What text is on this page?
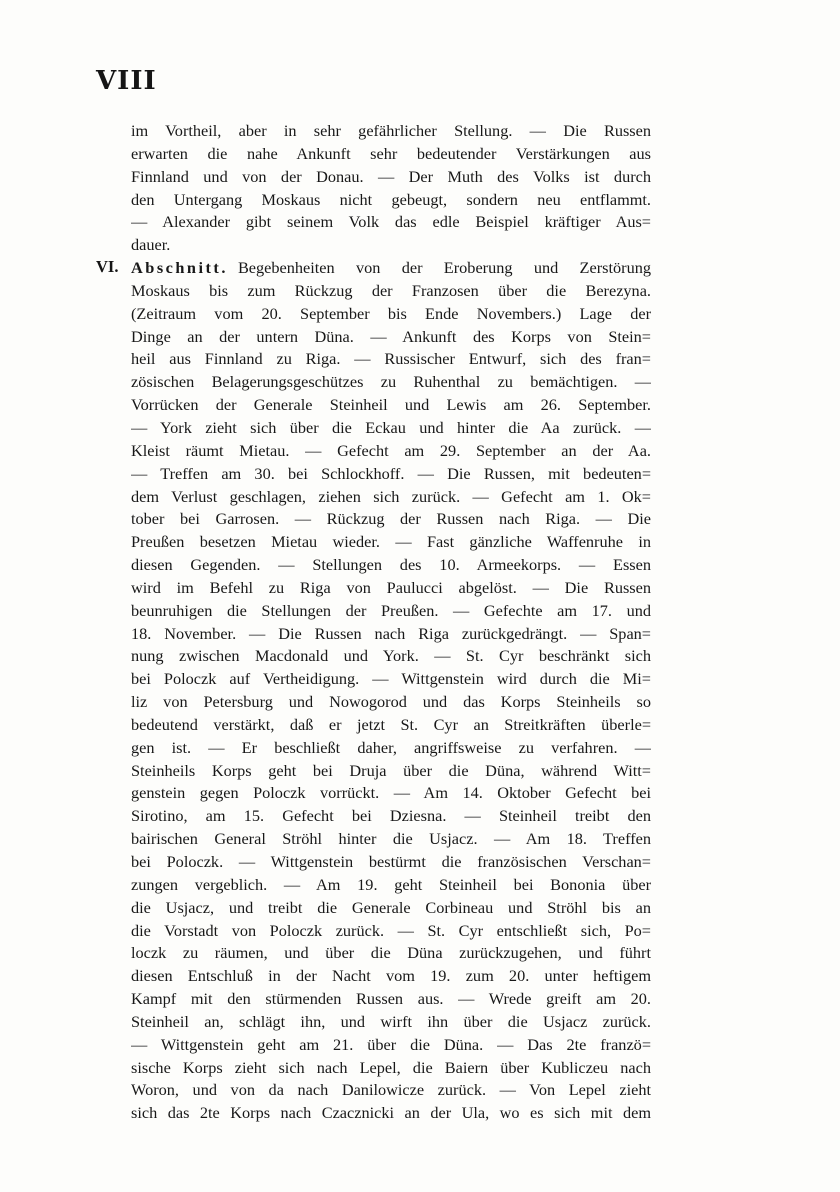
VIII
VI.
im Vortheil, aber in sehr gefährlicher Stellung. — Die Russen
erwarten die nahe Ankunft sehr bedeutender Verstärkungen aus
Finnland und von der Donau. — Der Muth des Volks ist durch
den Untergang Moskaus nicht gebeugt, sondern neu entflammt.
— Alexander gibt seinem Volk das edle Beispiel kräftiger Aus=
dauer.
Abschnitt. Begebenheiten von der Eroberung und Zerstörung
Moskaus bis zum Rückzug der Franzosen über die Berezyna.
(Zeitraum vom 20. September bis Ende Novembers.) Lage der
Dinge an der untern Düna. — Ankunft des Korps von Stein=
heil aus Finnland zu Riga. — Russischer Entwurf, sich des fran=
zösischen Belagerungsgeschützes zu Ruhenthal zu bemächtigen. —
Vorrücken der Generale Steinheil und Lewis am 26. September.
— York zieht sich über die Eckau und hinter die Aa zurück. —
Kleist räumt Mietau. — Gefecht am 29. September an der Aa.
— Treffen am 30. bei Schlockhoff. — Die Russen, mit bedeuten=
dem Verlust geschlagen, ziehen sich zurück. — Gefecht am 1. Ok=
tober bei Garrosen. — Rückzug der Russen nach Riga. — Die
Preußen besetzen Mietau wieder. — Fast gänzliche Waffenruhe in
diesen Gegenden. — Stellungen des 10. Armeekorps. — Essen
wird im Befehl zu Riga von Paulucci abgelöst. — Die Russen
beunruhigen die Stellungen der Preußen. — Gefechte am 17. und
18. November. — Die Russen nach Riga zurückgedrängt. — Span=
nung zwischen Macdonald und York. — St. Cyr beschränkt sich
bei Poloczk auf Vertheidigung. — Wittgenstein wird durch die Mi=
liz von Petersburg und Nowogorod und das Korps Steinheils so
bedeutend verstärkt, daß er jetzt St. Cyr an Streitkräften überle=
gen ist. — Er beschließt daher, angriffsweise zu verfahren. —
Steinheils Korps geht bei Druja über die Düna, während Witt=
genstein gegen Poloczk vorrückt. — Am 14. Oktober Gefecht bei
Sirotino, am 15. Gefecht bei Dziesna. — Steinheil treibt den
bairischen General Ströhl hinter die Usjacz. — Am 18. Treffen
bei Poloczk. — Wittgenstein bestürmt die französischen Verschan=
zungen vergeblich. — Am 19. geht Steinheil bei Bononia über
die Usjacz, und treibt die Generale Corbineau und Ströhl bis an
die Vorstadt von Poloczk zurück. — St. Cyr entschließt sich, Po=
loczk zu räumen, und über die Düna zurückzugehen, und führt
diesen Entschluß in der Nacht vom 19. zum 20. unter heftigem
Kampf mit den stürmenden Russen aus. — Wrede greift am 20.
Steinheil an, schlägt ihn, und wirft ihn über die Usjacz zurück.
— Wittgenstein geht am 21. über die Düna. — Das 2te franzö=
sische Korps zieht sich nach Lepel, die Baiern über Kubliczeu nach
Woron, und von da nach Danilowicze zurück. — Von Lepel zieht
sich das 2te Korps nach Czacznicki an der Ula, wo es sich mit dem
